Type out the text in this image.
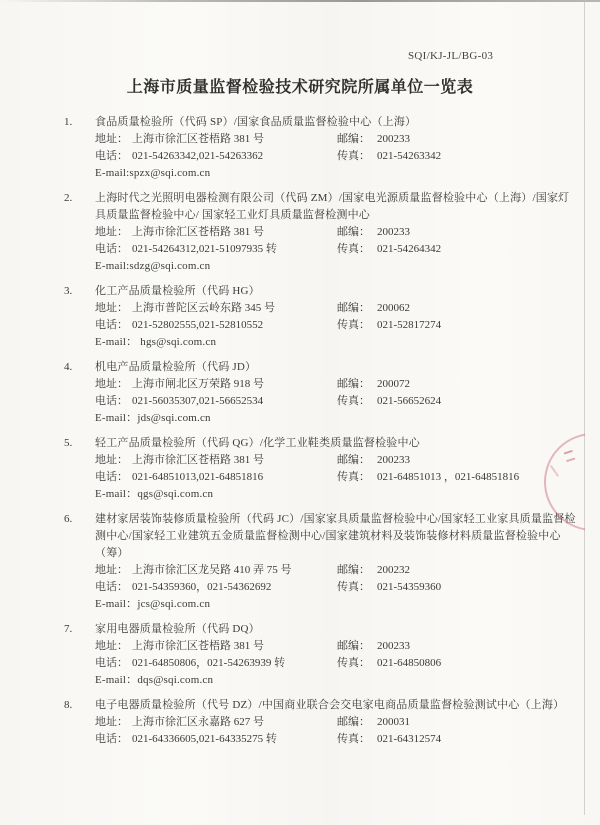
SQI/KJ-JL/BG-03
上海市质量监督检验技术研究院所属单位一览表
1. 食品质量检验所（代码 SP）/国家食品质量监督检验中心（上海）
地址： 上海市徐汇区苍梧路 381 号	邮编： 200233
电话： 021-54263342,021-54263362	传真： 021-54263342
E-mail:spzx@sqi.com.cn
2. 上海时代之光照明电器检测有限公司（代码 ZM）/国家电光源质量监督检验中心（上海）/国家灯具质量监督检验中心/ 国家轻工业灯具质量监督检测中心
地址： 上海市徐汇区苍梧路 381 号	邮编： 200233
电话： 021-54264312,021-51097935 转	传真： 021-54264342
E-mail:sdzg@sqi.com.cn
3. 化工产品质量检验所（代码 HG）
地址： 上海市普陀区云岭东路 345 号	邮编： 200062
电话： 021-52802555,021-52810552	传真： 021-52817274
E-mail： hgs@sqi.com.cn
4. 机电产品质量检验所（代码 JD）
地址： 上海市闸北区万荣路 918 号	邮编： 200072
电话： 021-56035307,021-56652534	传真： 021-56652624
E-mail：jds@sqi.com.cn
5. 轻工产品质量检验所（代码 QG）/化学工业鞋类质量监督检验中心
地址： 上海市徐汇区苍梧路 381 号	邮编： 200233
电话： 021-64851013,021-64851816	传真： 021-64851013 ，021-64851816
E-mail：qgs@sqi.com.cn
6. 建材家居装饰装修质量检验所（代码 JC）/国家家具质量监督检验中心/国家轻工业家具质量监督检测中心/国家轻工业建筑五金质量监督检测中心/国家建筑材料及装饰装修材料质量监督检验中心（筹）
地址： 上海市徐汇区龙吴路 410 弄 75 号	邮编： 200232
电话： 021-54359360，021-54362692	传真： 021-54359360
E-mail：jcs@sqi.com.cn
7. 家用电器质量检验所（代码 DQ）
地址： 上海市徐汇区苍梧路 381 号	邮编： 200233
电话： 021-64850806，021-54263939 转	传真： 021-64850806
E-mail：dqs@sqi.com.cn
8. 电子电器质量检验所（代号 DZ）/中国商业联合会交电家电商品质量监督检验测试中心（上海）
地址： 上海市徐汇区永嘉路 627 号	邮编： 200031
电话： 021-64336605,021-64335275 转	传真： 021-64312574
